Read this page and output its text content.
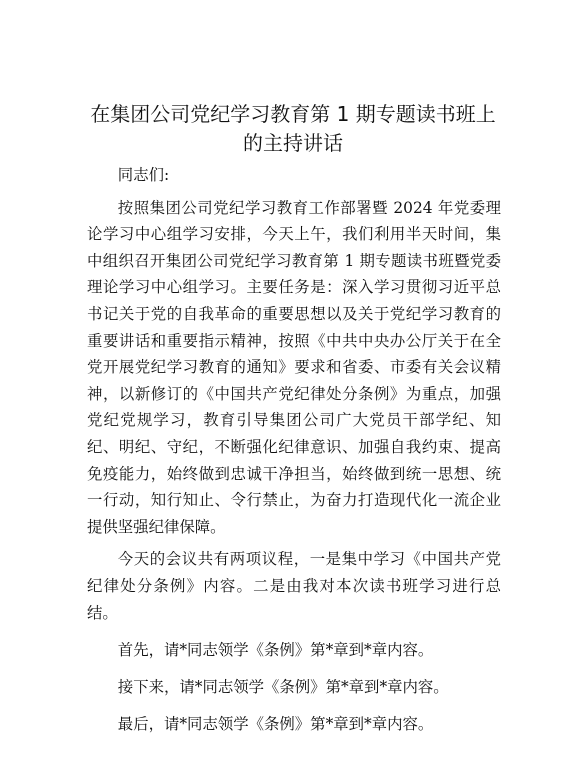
在集团公司党纪学习教育第 1 期专题读书班上
的主持讲话

同志们:

按照集团公司党纪学习教育工作部署暨 2024 年党委理论学习中心组学习安排，今天上午，我们利用半天时间，集中组织召开集团公司党纪学习教育第 1 期专题读书班暨党委理论学习中心组学习。主要任务是：深入学习贯彻习近平总书记关于党的自我革命的重要思想以及关于党纪学习教育的重要讲话和重要指示精神，按照《中共中央办公厅关于在全党开展党纪学习教育的通知》要求和省委、市委有关会议精神，以新修订的《中国共产党纪律处分条例》为重点，加强党纪党规学习，教育引导集团公司广大党员干部学纪、知纪、明纪、守纪，不断强化纪律意识、加强自我约束、提高免疫能力，始终做到忠诚干净担当，始终做到统一思想、统一行动，知行知止、令行禁止，为奋力打造现代化一流企业提供坚强纪律保障。

今天的会议共有两项议程，一是集中学习《中国共产党纪律处分条例》内容。二是由我对本次读书班学习进行总结。

首先，请*同志领学《条例》第*章到*章内容。

接下来，请*同志领学《条例》第*章到*章内容。

最后，请*同志领学《条例》第*章到*章内容。
